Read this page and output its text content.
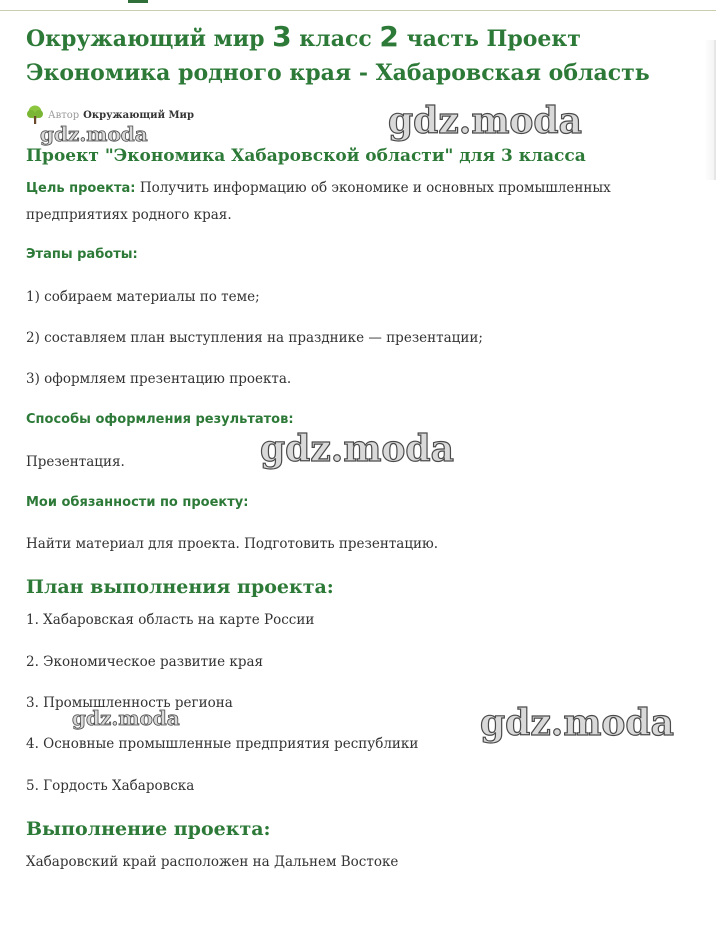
Окружающий мир 3 класс 2 часть Проект
Экономика родного края - Хабаровская область
Автор Окружающий Мир	gdz.moda
gdz.moda
gdz.moda
gdz.moda	gdz.moda
Проект "Экономика Хабаровской области" для 3 класса

Цель проекта: Получить информацию об экономике и основных промышленных предприятиях родного края.

Этапы работы:

1) собираем материалы по теме;

2) составляем план выступления на празднике — презентации;

3) оформляем презентацию проекта.

Способы оформления результатов:

Презентация.

Мои обязанности по проекту:

Найти материал для проекта. Подготовить презентацию.

План выполнения проекта:

1. Хабаровская область на карте России

2. Экономическое развитие края

3. Промышленность региона

4. Основные промышленные предприятия республики

5. Гордость Хабаровска

Выполнение проекта:

Хабаровский край расположен на Дальнем Востоке
